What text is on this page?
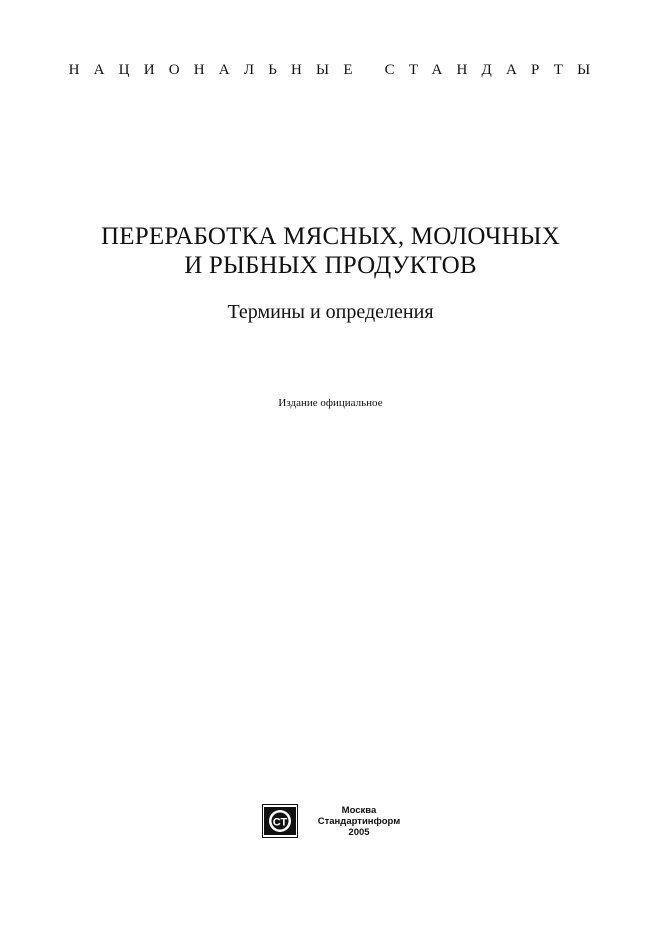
НАЦИОНАЛЬНЫЕ СТАНДАРТЫ
ПЕРЕРАБОТКА МЯСНЫХ, МОЛОЧНЫХ
И РЫБНЫХ ПРОДУКТОВ
Термины и определения
Издание официальное
СТ
Москва
Стандартинформ
2005
